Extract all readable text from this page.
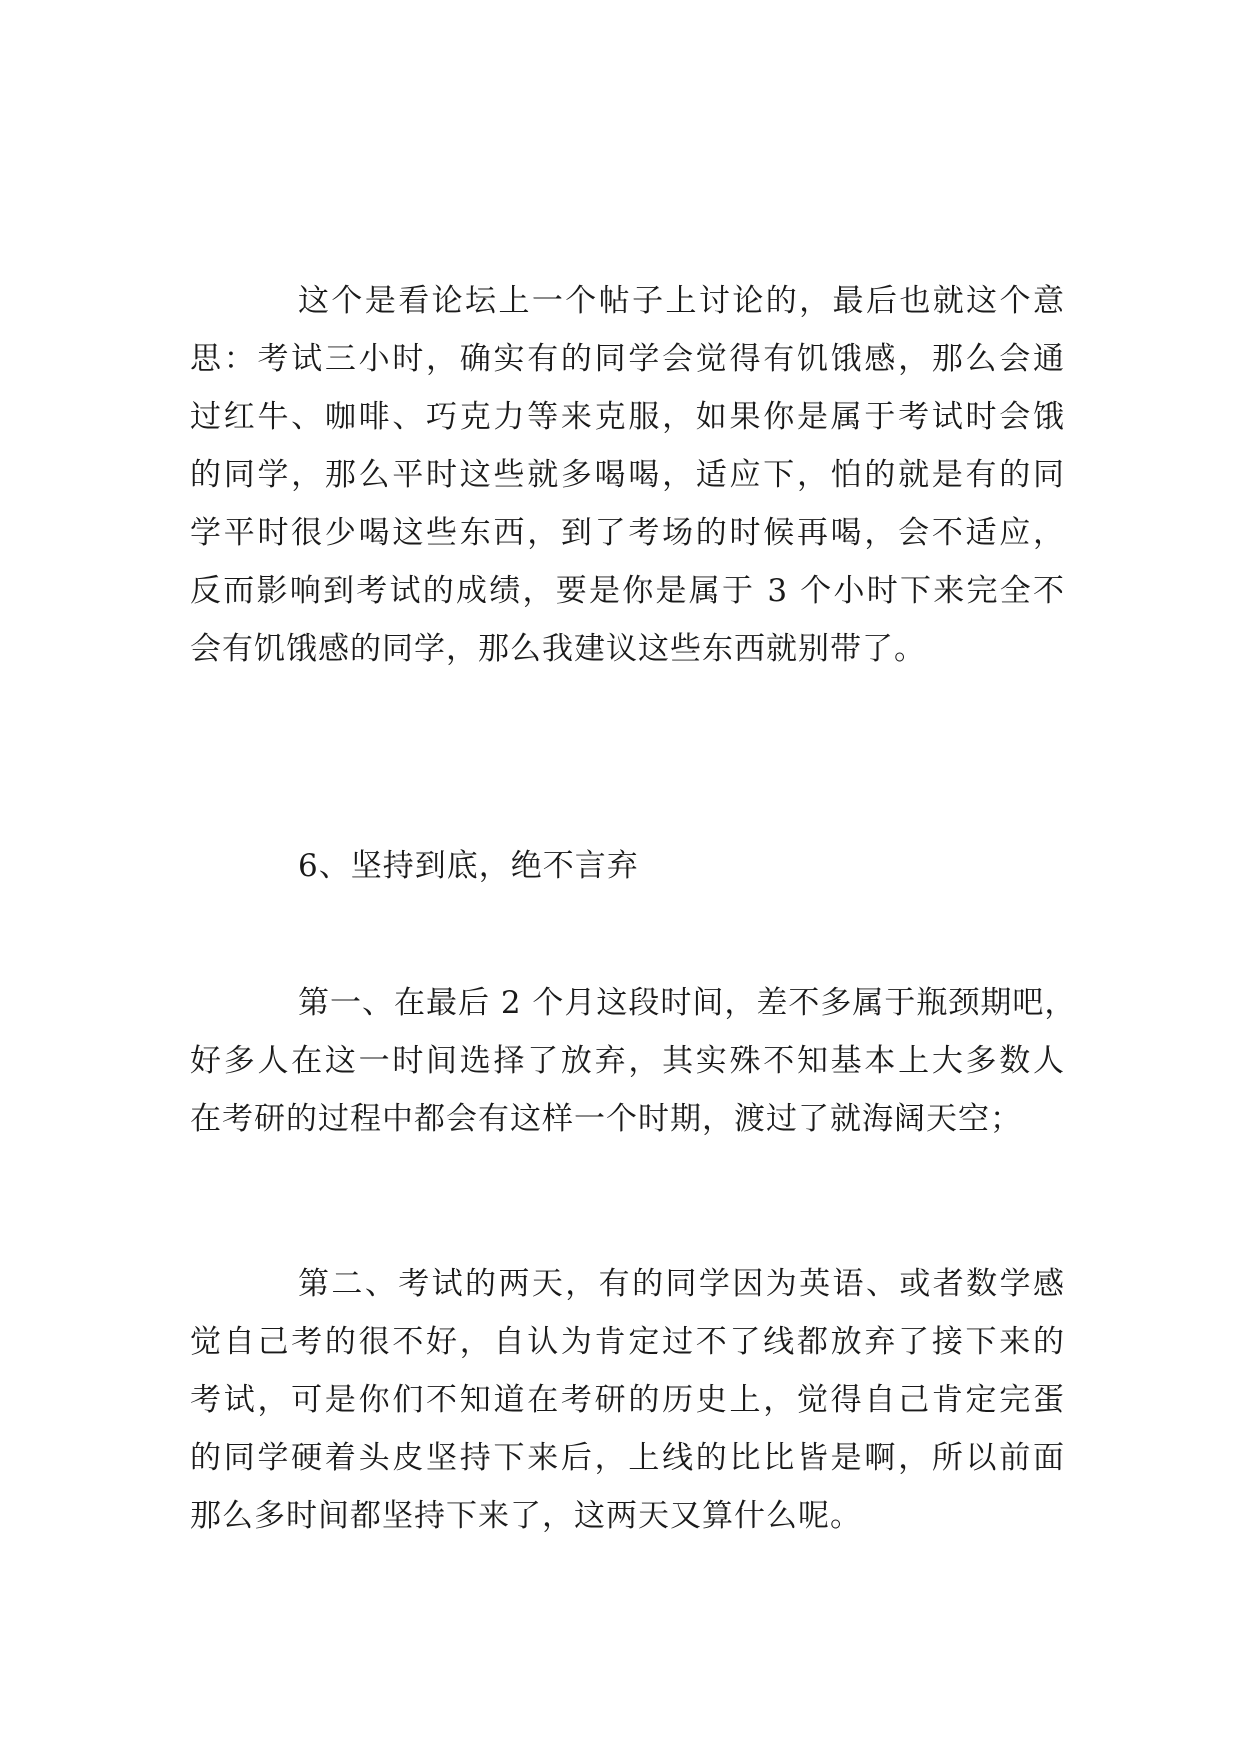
这个是看论坛上一个帖子上讨论的，最后也就这个意
思：考试三小时，确实有的同学会觉得有饥饿感，那么会通
过红牛、咖啡、巧克力等来克服，如果你是属于考试时会饿
的同学，那么平时这些就多喝喝，适应下，怕的就是有的同
学平时很少喝这些东西，到了考场的时候再喝，会不适应，
反而影响到考试的成绩，要是你是属于 3 个小时下来完全不
会有饥饿感的同学，那么我建议这些东西就别带了。
6、坚持到底，绝不言弃
第一、在最后 2 个月这段时间，差不多属于瓶颈期吧，
好多人在这一时间选择了放弃，其实殊不知基本上大多数人
在考研的过程中都会有这样一个时期，渡过了就海阔天空；
第二、考试的两天，有的同学因为英语、或者数学感
觉自己考的很不好，自认为肯定过不了线都放弃了接下来的
考试，可是你们不知道在考研的历史上，觉得自己肯定完蛋
的同学硬着头皮坚持下来后，上线的比比皆是啊，所以前面
那么多时间都坚持下来了，这两天又算什么呢。
